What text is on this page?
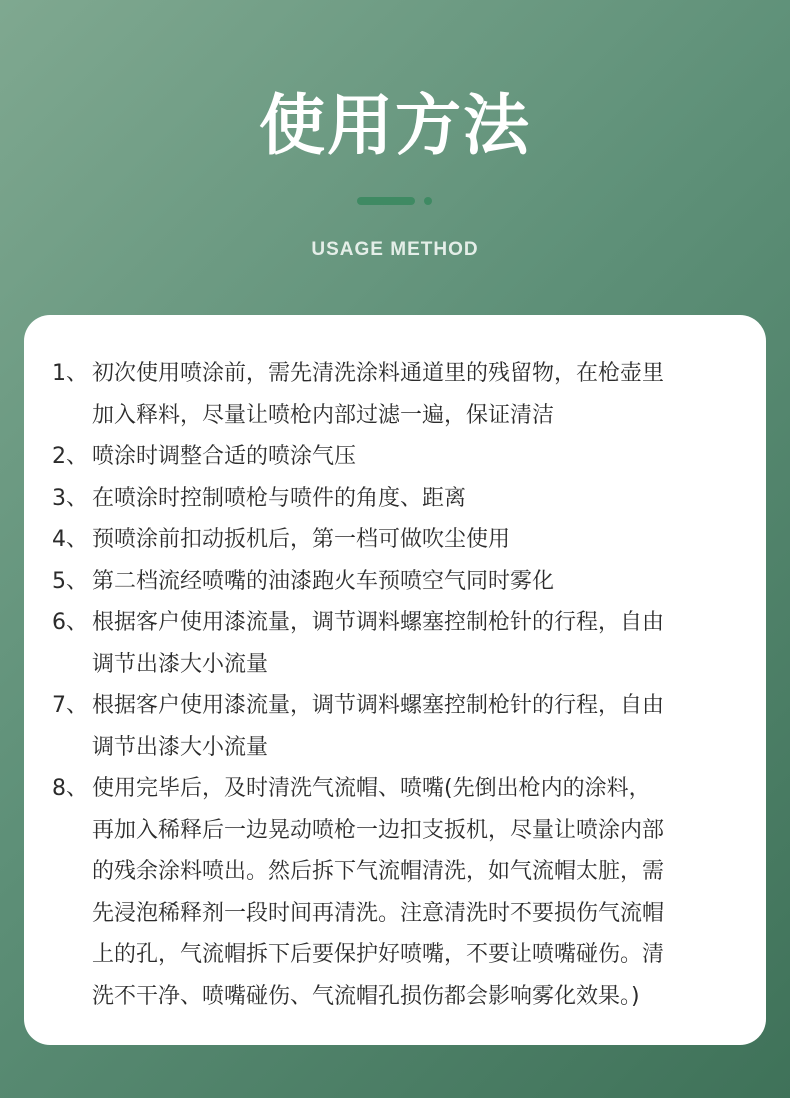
使用方法
USAGE METHOD
1、 初次使用喷涂前，需先清洗涂料通道里的残留物，在枪壶里
加入释料，尽量让喷枪内部过滤一遍，保证清洁
2、 喷涂时调整合适的喷涂气压
3、 在喷涂时控制喷枪与喷件的角度、距离
4、 预喷涂前扣动扳机后，第一档可做吹尘使用
5、 第二档流经喷嘴的油漆跑火车预喷空气同时雾化
6、 根据客户使用漆流量，调节调料螺塞控制枪针的行程，自由
调节出漆大小流量
7、 根据客户使用漆流量，调节调料螺塞控制枪针的行程，自由
调节出漆大小流量
8、 使用完毕后，及时清洗气流帽、喷嘴(先倒出枪内的涂料，
再加入稀释后一边晃动喷枪一边扣支扳机，尽量让喷涂内部
的残余涂料喷出。然后拆下气流帽清洗，如气流帽太脏，需
先浸泡稀释剂一段时间再清洗。注意清洗时不要损伤气流帽
上的孔，气流帽拆下后要保护好喷嘴，不要让喷嘴碰伤。清
洗不干净、喷嘴碰伤、气流帽孔损伤都会影响雾化效果。)
